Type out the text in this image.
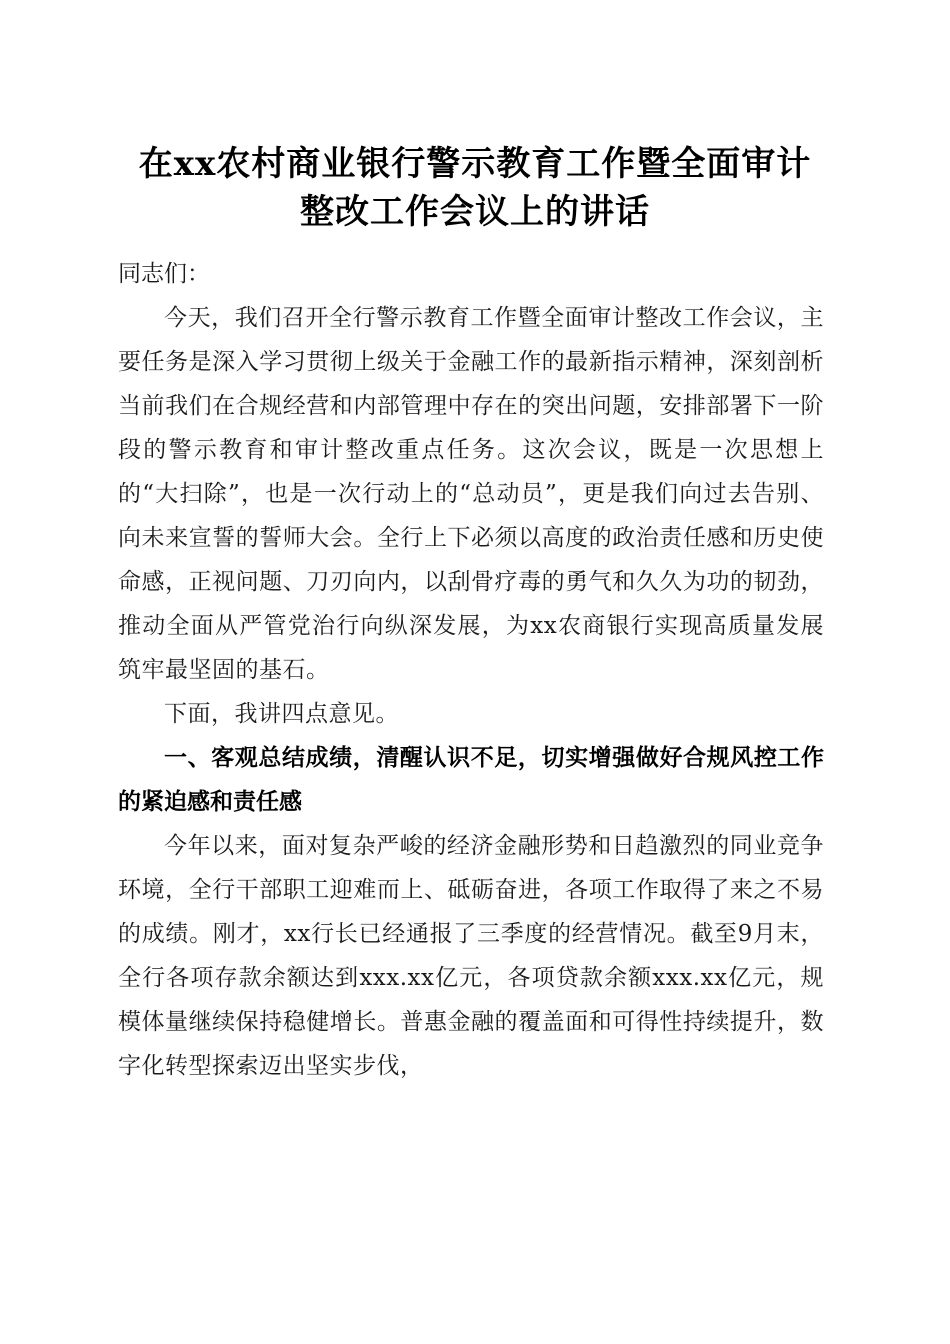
在xx农村商业银行警示教育工作暨全面审计
整改工作会议上的讲话

同志们：

今天，我们召开全行警示教育工作暨全面审计整改工作会议，主要任务是深入学习贯彻上级关于金融工作的最新指示精神，深刻剖析当前我们在合规经营和内部管理中存在的突出问题，安排部署下一阶段的警示教育和审计整改重点任务。这次会议，既是一次思想上的“大扫除”，也是一次行动上的“总动员”，更是我们向过去告别、向未来宣誓的誓师大会。全行上下必须以高度的政治责任感和历史使命感，正视问题、刀刃向内，以刮骨疗毒的勇气和久久为功的韧劲，推动全面从严管党治行向纵深发展，为xx农商银行实现高质量发展筑牢最坚固的基石。

下面，我讲四点意见。

一、客观总结成绩，清醒认识不足，切实增强做好合规风控工作的紧迫感和责任感

今年以来，面对复杂严峻的经济金融形势和日趋激烈的同业竞争环境，全行干部职工迎难而上、砥砺奋进，各项工作取得了来之不易的成绩。刚才，xx行长已经通报了三季度的经营情况。截至9月末，全行各项存款余额达到xxx.xx亿元，各项贷款余额xxx.xx亿元，规模体量继续保持稳健增长。普惠金融的覆盖面和可得性持续提升，数字化转型探索迈出坚实步伐，
